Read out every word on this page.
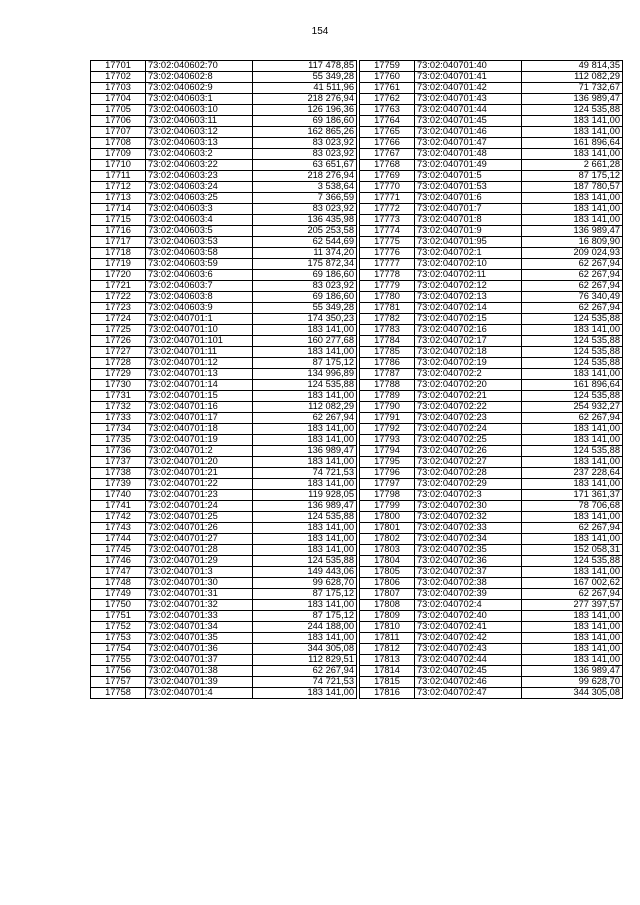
154
17701	73:02:040602:70	117 478,85
17702	73:02:040602:8	55 349,28
17703	73:02:040602:9	41 511,96
17704	73:02:040603:1	218 276,94
17705	73:02:040603:10	126 196,36
17706	73:02:040603:11	69 186,60
17707	73:02:040603:12	162 865,26
17708	73:02:040603:13	83 023,92
17709	73:02:040603:2	83 023,92
17710	73:02:040603:22	63 651,67
17711	73:02:040603:23	218 276,94
17712	73:02:040603:24	3 538,64
17713	73:02:040603:25	7 366,59
17714	73:02:040603:3	83 023,92
17715	73:02:040603:4	136 435,98
17716	73:02:040603:5	205 253,58
17717	73:02:040603:53	62 544,69
17718	73:02:040603:58	11 374,20
17719	73:02:040603:59	175 872,34
17720	73:02:040603:6	69 186,60
17721	73:02:040603:7	83 023,92
17722	73:02:040603:8	69 186,60
17723	73:02:040603:9	55 349,28
17724	73:02:040701:1	174 350,23
17725	73:02:040701:10	183 141,00
17726	73:02:040701:101	160 277,68
17727	73:02:040701:11	183 141,00
17728	73:02:040701:12	87 175,12
17729	73:02:040701:13	134 996,89
17730	73:02:040701:14	124 535,88
17731	73:02:040701:15	183 141,00
17732	73:02:040701:16	112 082,29
17733	73:02:040701:17	62 267,94
17734	73:02:040701:18	183 141,00
17735	73:02:040701:19	183 141,00
17736	73:02:040701:2	136 989,47
17737	73:02:040701:20	183 141,00
17738	73:02:040701:21	74 721,53
17739	73:02:040701:22	183 141,00
17740	73:02:040701:23	119 928,05
17741	73:02:040701:24	136 989,47
17742	73:02:040701:25	124 535,88
17743	73:02:040701:26	183 141,00
17744	73:02:040701:27	183 141,00
17745	73:02:040701:28	183 141,00
17746	73:02:040701:29	124 535,88
17747	73:02:040701:3	149 443,06
17748	73:02:040701:30	99 628,70
17749	73:02:040701:31	87 175,12
17750	73:02:040701:32	183 141,00
17751	73:02:040701:33	87 175,12
17752	73:02:040701:34	244 188,00
17753	73:02:040701:35	183 141,00
17754	73:02:040701:36	344 305,08
17755	73:02:040701:37	112 829,51
17756	73:02:040701:38	62 267,94
17757	73:02:040701:39	74 721,53
17758	73:02:040701:4	183 141,00
17759	73:02:040701:40	49 814,35
17760	73:02:040701:41	112 082,29
17761	73:02:040701:42	71 732,67
17762	73:02:040701:43	136 989,47
17763	73:02:040701:44	124 535,88
17764	73:02:040701:45	183 141,00
17765	73:02:040701:46	183 141,00
17766	73:02:040701:47	161 896,64
17767	73:02:040701:48	183 141,00
17768	73:02:040701:49	2 661,28
17769	73:02:040701:5	87 175,12
17770	73:02:040701:53	187 780,57
17771	73:02:040701:6	183 141,00
17772	73:02:040701:7	183 141,00
17773	73:02:040701:8	183 141,00
17774	73:02:040701:9	136 989,47
17775	73:02:040701:95	16 809,90
17776	73:02:040702:1	209 024,93
17777	73:02:040702:10	62 267,94
17778	73:02:040702:11	62 267,94
17779	73:02:040702:12	62 267,94
17780	73:02:040702:13	76 340,49
17781	73:02:040702:14	62 267,94
17782	73:02:040702:15	124 535,88
17783	73:02:040702:16	183 141,00
17784	73:02:040702:17	124 535,88
17785	73:02:040702:18	124 535,88
17786	73:02:040702:19	124 535,88
17787	73:02:040702:2	183 141,00
17788	73:02:040702:20	161 896,64
17789	73:02:040702:21	124 535,88
17790	73:02:040702:22	254 932,27
17791	73:02:040702:23	62 267,94
17792	73:02:040702:24	183 141,00
17793	73:02:040702:25	183 141,00
17794	73:02:040702:26	124 535,88
17795	73:02:040702:27	183 141,00
17796	73:02:040702:28	237 228,64
17797	73:02:040702:29	183 141,00
17798	73:02:040702:3	171 361,37
17799	73:02:040702:30	78 706,68
17800	73:02:040702:32	183 141,00
17801	73:02:040702:33	62 267,94
17802	73:02:040702:34	183 141,00
17803	73:02:040702:35	152 058,31
17804	73:02:040702:36	124 535,88
17805	73:02:040702:37	183 141,00
17806	73:02:040702:38	167 002,62
17807	73:02:040702:39	62 267,94
17808	73:02:040702:4	277 397,57
17809	73:02:040702:40	183 141,00
17810	73:02:040702:41	183 141,00
17811	73:02:040702:42	183 141,00
17812	73:02:040702:43	183 141,00
17813	73:02:040702:44	183 141,00
17814	73:02:040702:45	136 989,47
17815	73:02:040702:46	99 628,70
17816	73:02:040702:47	344 305,08
